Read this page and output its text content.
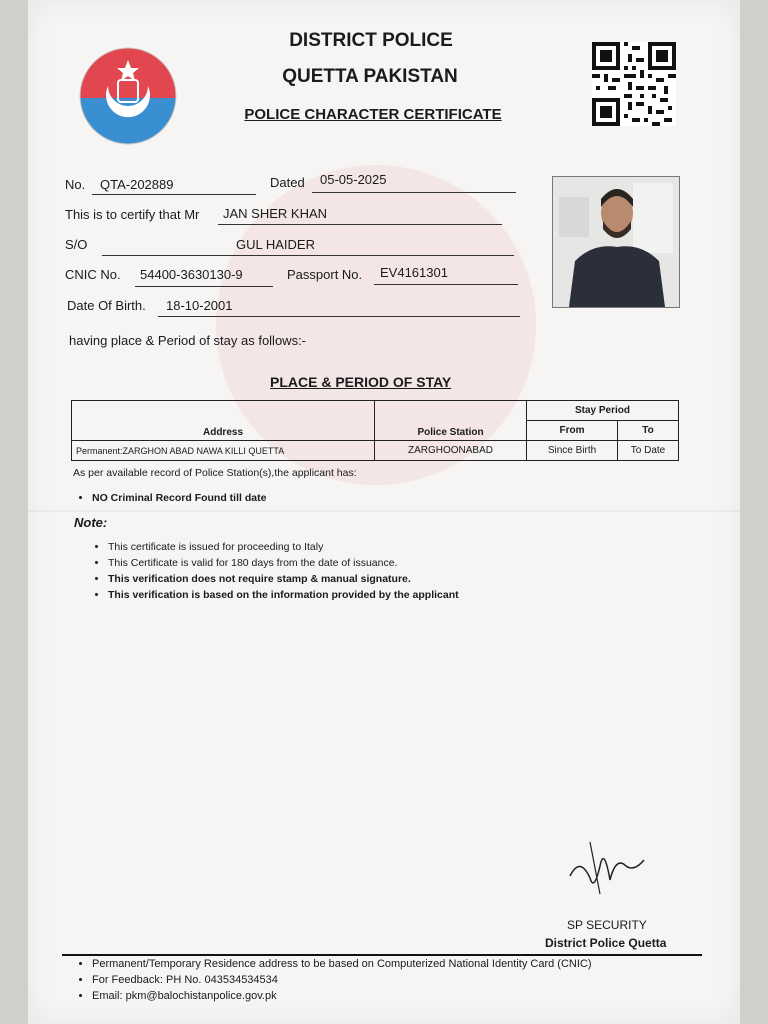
DISTRICT POLICE
QUETTA PAKISTAN
POLICE CHARACTER CERTIFICATE
No. QTA-202889	Dated 05-05-2025
This is to certify that Mr JAN SHER KHAN
S/O	GUL HAIDER
CNIC No. 54400-3630130-9	Passport No. EV4161301
Date Of Birth. 18-10-2001
having place & Period of stay as follows:-
PLACE & PERIOD OF STAY
Address	Police Station	Stay Period	
		From	To
Permanent:ZARGHON ABAD NAWA KILLI QUETTA	ZARGHOONABAD	Since Birth	To Date
As per available record of Police Station(s),the applicant has:
• NO Criminal Record Found till date
Note:
• This certificate is issued for proceeding to Italy
• This Certificate is valid for 180 days from the date of issuance.
• This verification does not require stamp & manual signature.
• This verification is based on the information provided by the applicant
SP SECURITY
District Police Quetta
• Permanent/Temporary Residence address to be based on Computerized National Identity Card (CNIC)
• For Feedback: PH No. 043534534534
• Email: pkm@balochistanpolice.gov.pk
